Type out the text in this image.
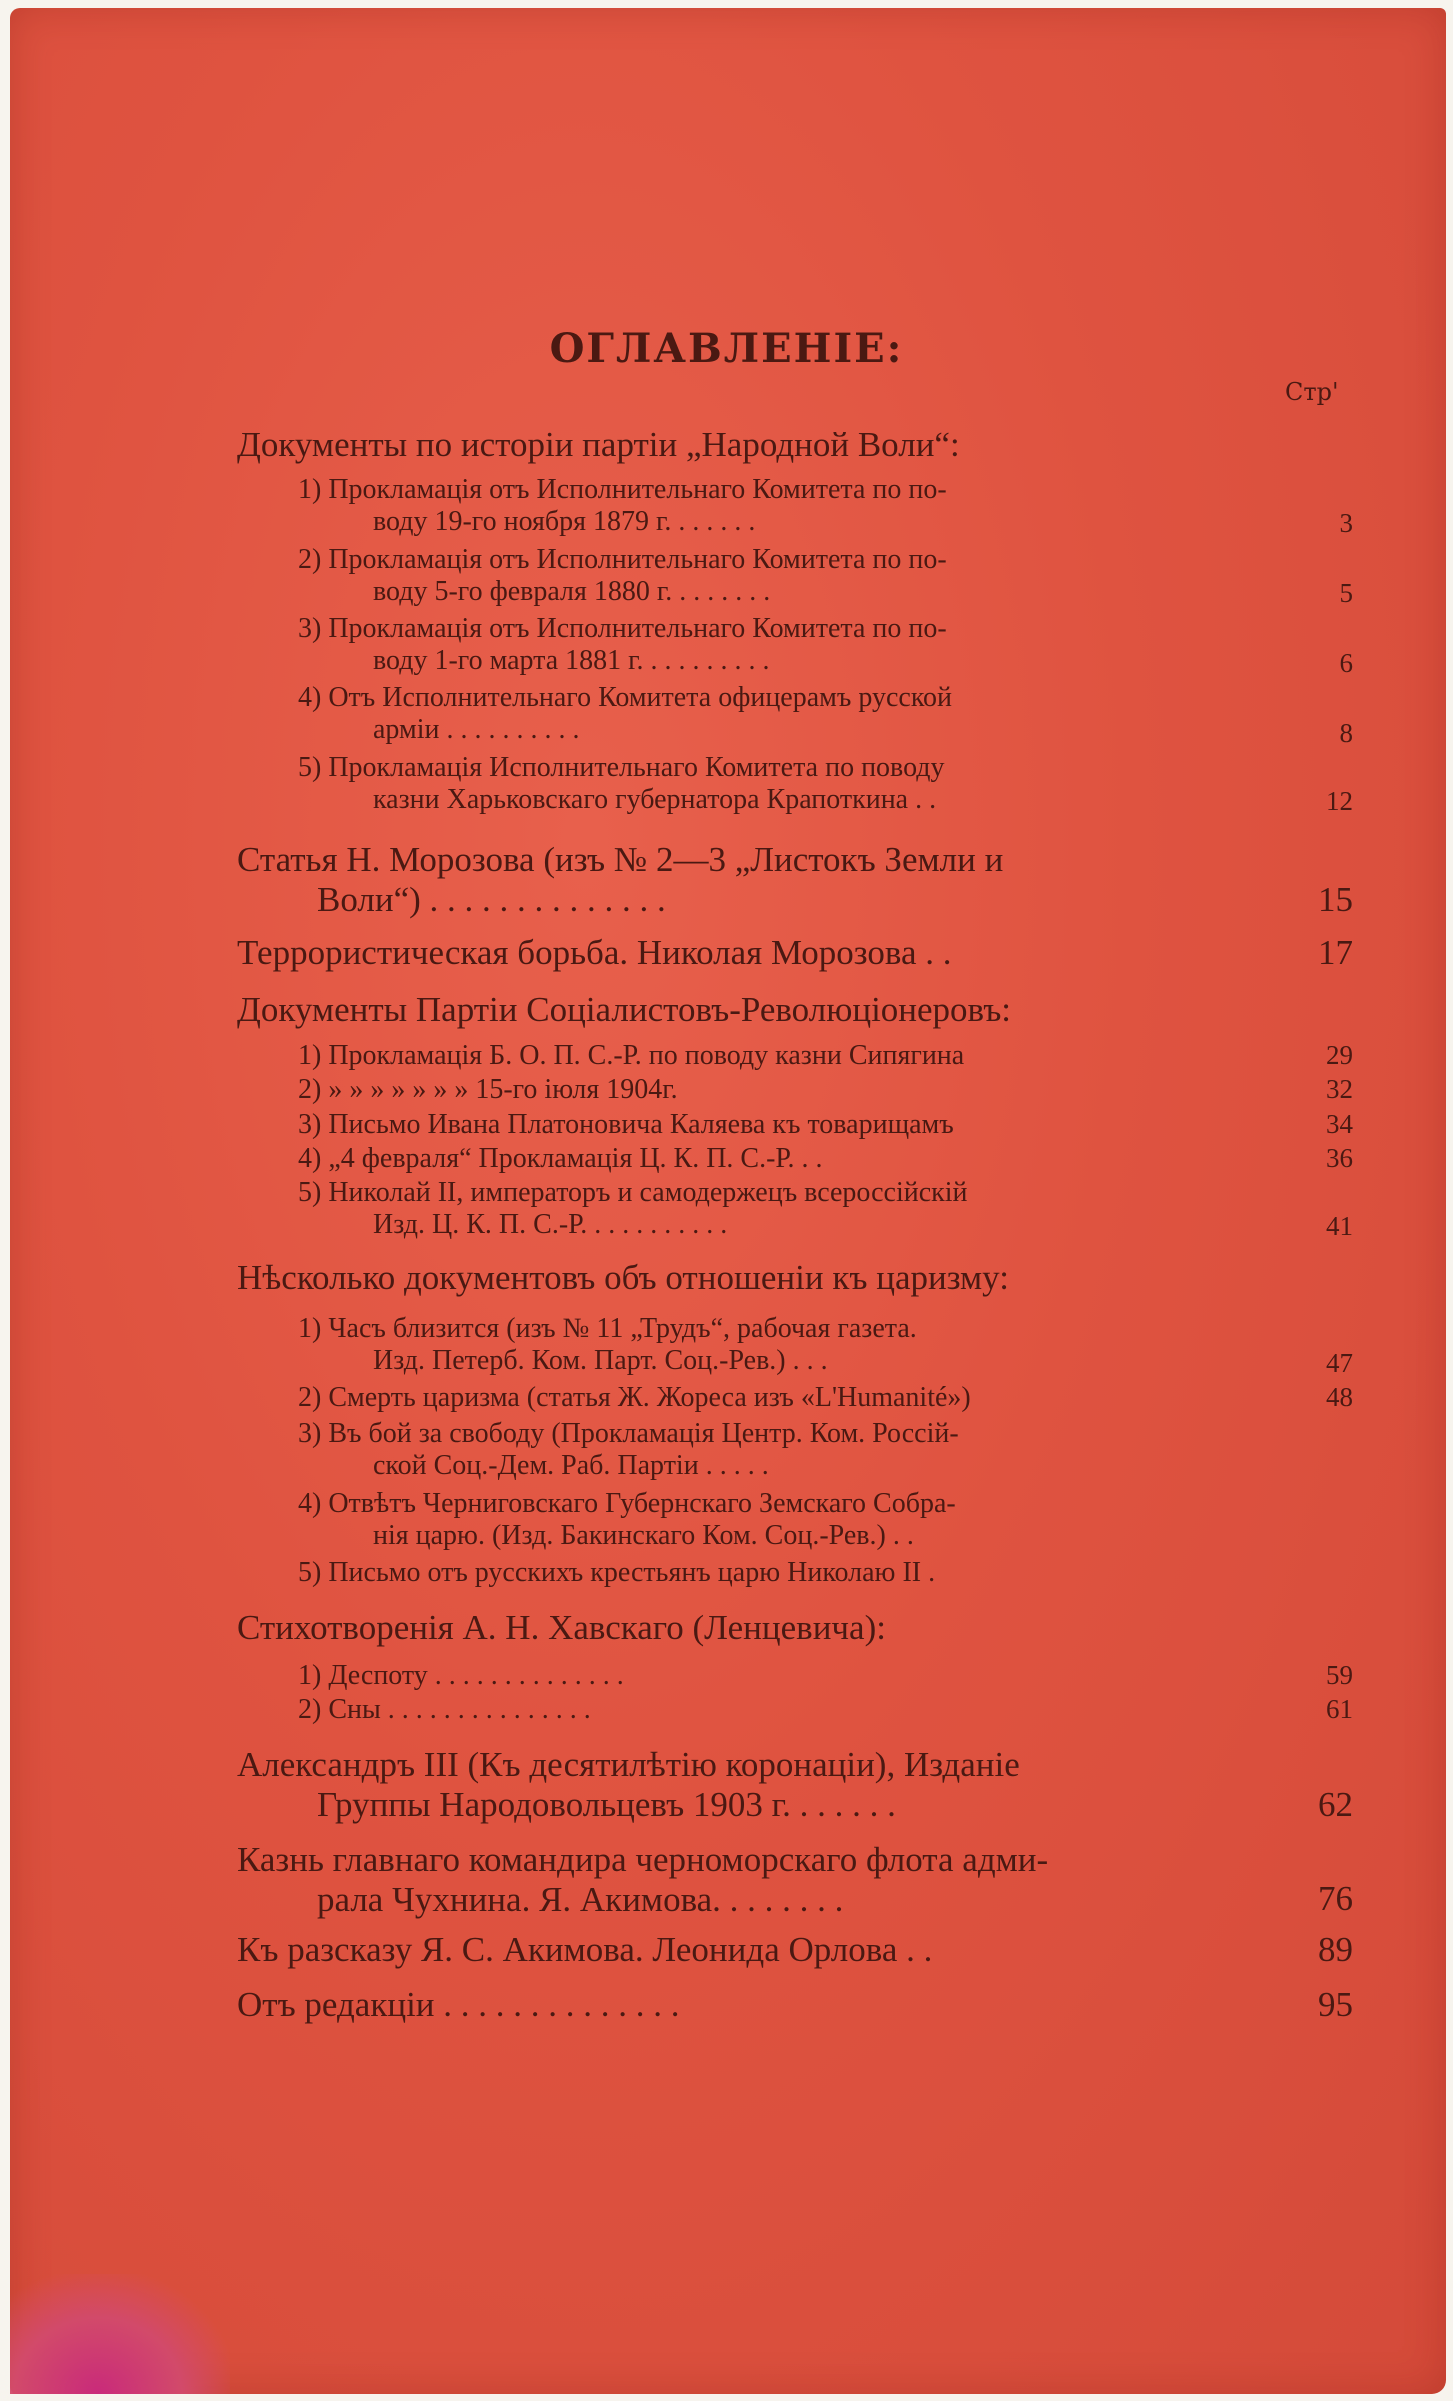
ОГЛАВЛЕНІЕ:
Стр'
Документы по исторіи партіи „Народной Воли“:
1) Прокламація отъ Исполнительнаго Комитета по по-
воду 19-го ноября 1879 г. . . . . . .	3
2) Прокламація отъ Исполнительнаго Комитета по по-
воду 5-го февраля 1880 г. . . . . . . .	5
3) Прокламація отъ Исполнительнаго Комитета по по-
воду 1-го марта 1881 г. . . . . . . . . .	6
4) Отъ Исполнительнаго Комитета офицерамъ русской
арміи . . . . . . . . . .	8
5) Прокламація Исполнительнаго Комитета по поводу
казни Харьковскаго губернатора Крапоткина . .	12
Статья Н. Морозова (изъ № 2—3 „Листокъ Земли и
Воли“) . . . . . . . . . . . . . .	15
Террористическая борьба. Николая Морозова . .	17
Документы Партіи Соціалистовъ-Революціонеровъ:
1) Прокламація Б. О. П. С.-Р. по поводу казни Сипягина	29
2) » » » » » » » 15-го іюля 1904г.	32
3) Письмо Ивана Платоновича Каляева къ товарищамъ	34
4) „4 февраля“ Прокламація Ц. К. П. С.-Р. . .	36
5) Николай II, императоръ и самодержецъ всероссійскій
Изд. Ц. К. П. С.-Р. . . . . . . . . . .	41
Нѣсколько документовъ объ отношеніи къ царизму:
1) Часъ близится (изъ № 11 „Трудъ“, рабочая газета.
Изд. Петерб. Ком. Парт. Соц.-Рев.) . . .	47
2) Смерть царизма (статья Ж. Жореса изъ «L'Humanité»)	48
3) Въ бой за свободу (Прокламація Центр. Ком. Россій-
ской Соц.-Дем. Раб. Партіи . . . . .
4) Отвѣтъ Черниговскаго Губернскаго Земскаго Собра-
нія царю. (Изд. Бакинскаго Ком. Соц.-Рев.) . .
5) Письмо отъ русскихъ крестьянъ царю Николаю II .
Стихотворенія А. Н. Хавскаго (Ленцевича):
1) Деспоту . . . . . . . . . . . . . .	59
2) Сны . . . . . . . . . . . . . . .	61
Александръ III (Къ десятилѣтію коронаціи), Изданіе
Группы Народовольцевъ 1903 г. . . . . . .	62
Казнь главнаго командира черноморскаго флота адми-
рала Чухнина. Я. Акимова. . . . . . . .	76
Къ разсказу Я. С. Акимова. Леонида Орлова . .	89
Отъ редакціи . . . . . . . . . . . . . .	95
